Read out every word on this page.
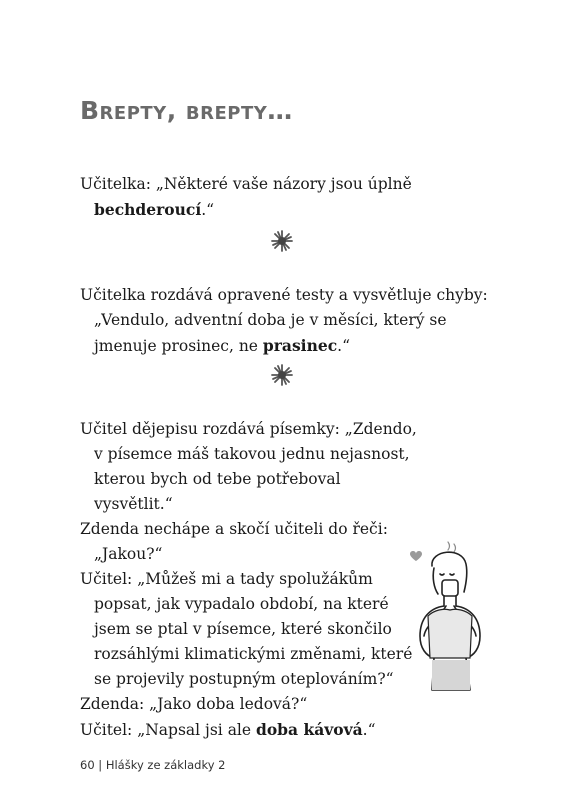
Brepty, brepty…
Učitelka: „Některé vaše názory jsou úplně
bechderoucí.“
Učitelka rozdává opravené testy a vysvětluje chyby:
„Vendulo, adventní doba je v měsíci, který se
jmenuje prosinec, ne prasinec.“
Učitel dějepisu rozdává písemky: „Zdendo,
v písemce máš takovou jednu nejasnost,
kterou bych od tebe potřeboval
vysvětlit.“
Zdenda nechápe a skočí učiteli do řeči:
„Jakou?“
Učitel: „Můžeš mi a tady spolužákům
popsat, jak vypadalo období, na které
jsem se ptal v písemce, které skončilo
rozsáhlými klimatickými změnami, které
se projevily postupným oteplováním?“
Zdenda: „Jako doba ledová?“
Učitel: „Napsal jsi ale doba kávová.“
60 | Hlášky ze základky 2
